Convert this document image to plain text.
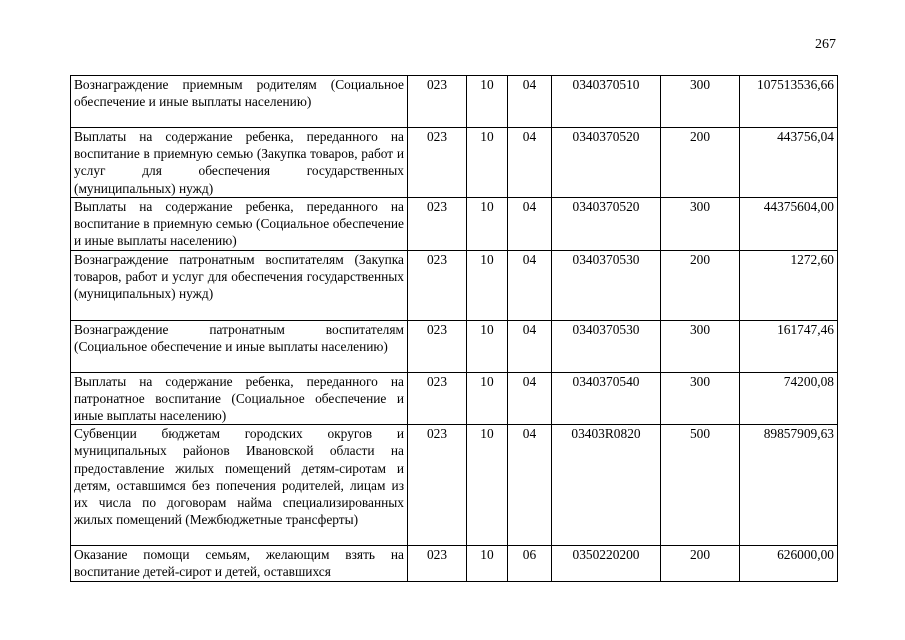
267
Вознаграждение приемным родителям (Социальное обеспечение и иные выплаты населению)	023	10	04	0340370510	300	107513536,66
Выплаты на содержание ребенка, переданного на воспитание в приемную семью (Закупка товаров, работ и услуг для обеспечения государственных (муниципальных) нужд)	023	10	04	0340370520	200	443756,04
Выплаты на содержание ребенка, переданного на воспитание в приемную семью (Социальное обеспечение и иные выплаты населению)	023	10	04	0340370520	300	44375604,00
Вознаграждение патронатным воспитателям (Закупка товаров, работ и услуг для обеспечения государственных (муниципальных) нужд)	023	10	04	0340370530	200	1272,60
Вознаграждение патронатным воспитателям (Социальное обеспечение и иные выплаты населению)	023	10	04	0340370530	300	161747,46
Выплаты на содержание ребенка, переданного на патронатное воспитание (Социальное обеспечение и иные выплаты населению)	023	10	04	0340370540	300	74200,08
Субвенции бюджетам городских округов и муниципальных районов Ивановской области на предоставление жилых помещений детям-сиротам и детям, оставшимся без попечения родителей, лицам из их числа по договорам найма специализированных жилых помещений (Межбюджетные трансферты)	023	10	04	03403R0820	500	89857909,63
Оказание помощи семьям, желающим взять на воспитание детей-сирот и детей, оставшихся	023	10	06	0350220200	200	626000,00
